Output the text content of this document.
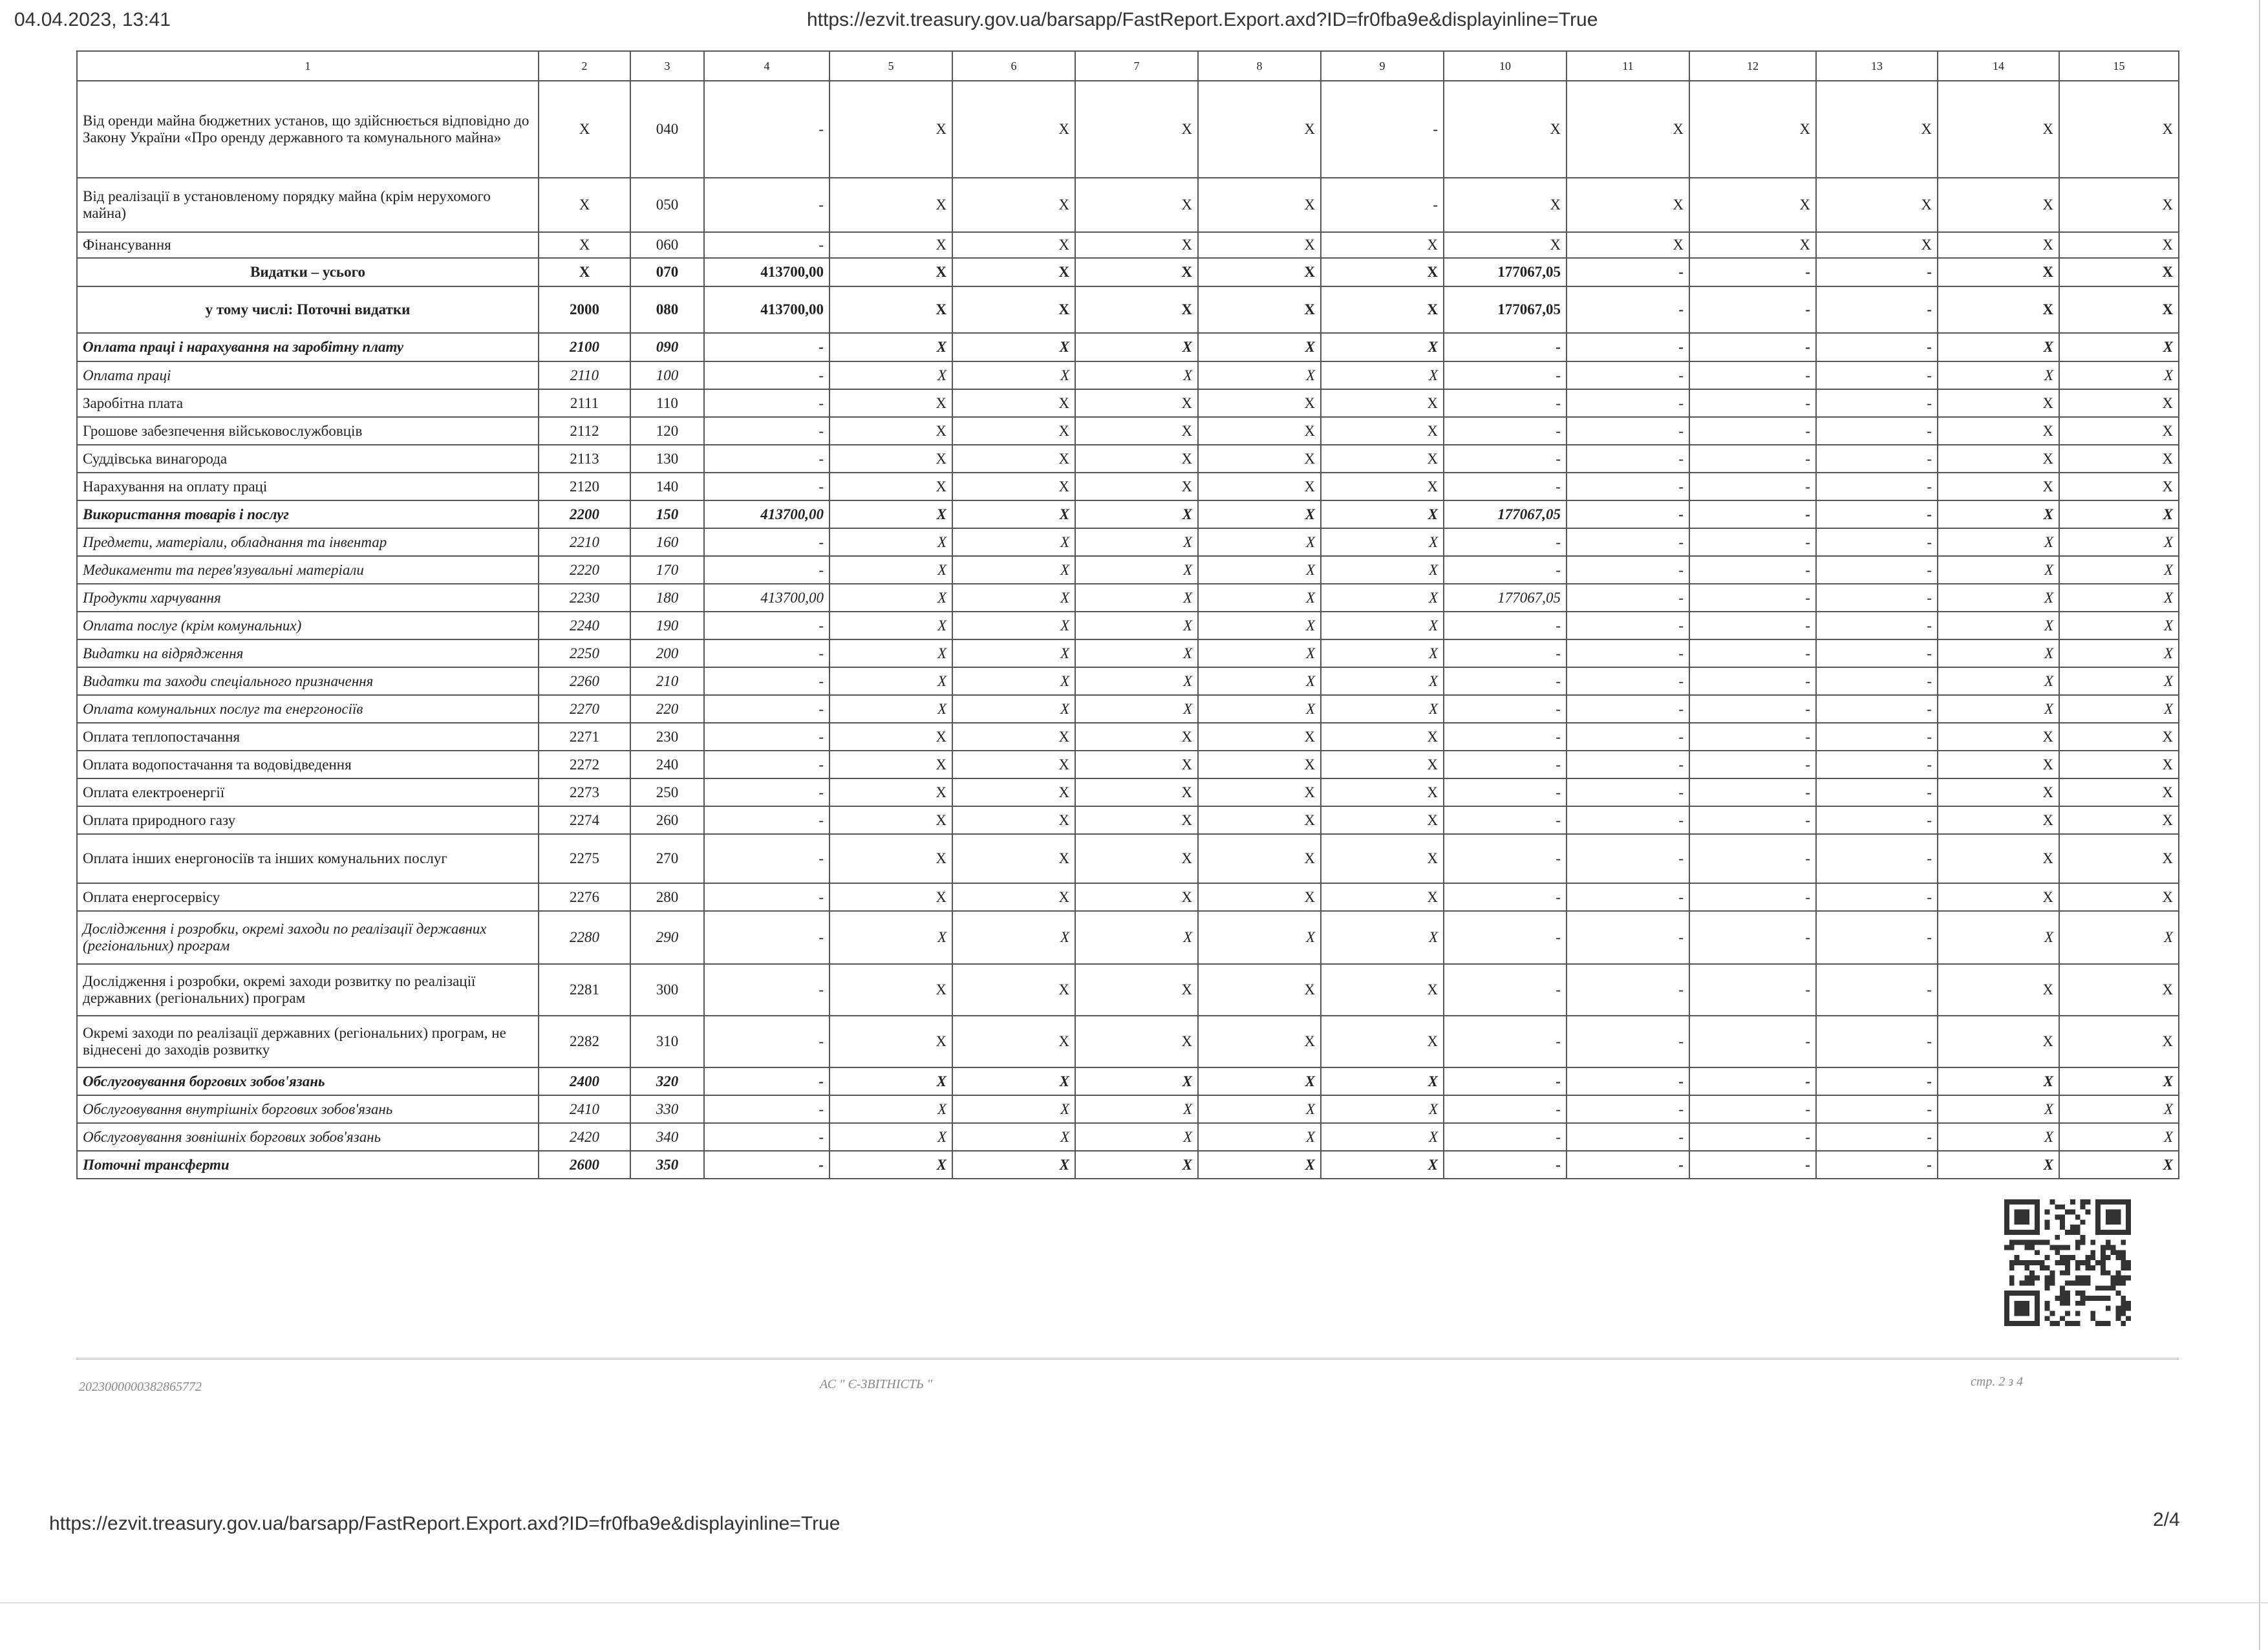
04.04.2023, 13:41	https://ezvit.treasury.gov.ua/barsapp/FastReport.Export.axd?ID=fr0fba9e&displayinline=True
1	2	3	4	5	6	7	8	9	10	11	12	13	14	15
Від оренди майна бюджетних установ, що здійснюється відповідно до Закону України «Про оренду державного та комунального майна»	X	040	-	X	X	X	X	-	X	X	X	X	X	X
Від реалізації в установленому порядку майна (крім нерухомого майна)	X	050	-	X	X	X	X	-	X	X	X	X	X	X
Фінансування	X	060	-	X	X	X	X	X	X	X	X	X	X	X
Видатки – усього	X	070	413700,00	X	X	X	X	X	177067,05	-	-	-	X	X
у тому числі: Поточні видатки	2000	080	413700,00	X	X	X	X	X	177067,05	-	-	-	X	X
Оплата праці і нарахування на заробітну плату	2100	090	-	X	X	X	X	X	-	-	-	-	X	X
Оплата праці	2110	100	-	X	X	X	X	X	-	-	-	-	X	X
Заробітна плата	2111	110	-	X	X	X	X	X	-	-	-	-	X	X
Грошове забезпечення військовослужбовців	2112	120	-	X	X	X	X	X	-	-	-	-	X	X
Суддівська винагорода	2113	130	-	X	X	X	X	X	-	-	-	-	X	X
Нарахування на оплату праці	2120	140	-	X	X	X	X	X	-	-	-	-	X	X
Використання товарів і послуг	2200	150	413700,00	X	X	X	X	X	177067,05	-	-	-	X	X
Предмети, матеріали, обладнання та інвентар	2210	160	-	X	X	X	X	X	-	-	-	-	X	X
Медикаменти та перев'язувальні матеріали	2220	170	-	X	X	X	X	X	-	-	-	-	X	X
Продукти харчування	2230	180	413700,00	X	X	X	X	X	177067,05	-	-	-	X	X
Оплата послуг (крім комунальних)	2240	190	-	X	X	X	X	X	-	-	-	-	X	X
Видатки на відрядження	2250	200	-	X	X	X	X	X	-	-	-	-	X	X
Видатки та заходи спеціального призначення	2260	210	-	X	X	X	X	X	-	-	-	-	X	X
Оплата комунальних послуг та енергоносіїв	2270	220	-	X	X	X	X	X	-	-	-	-	X	X
Оплата теплопостачання	2271	230	-	X	X	X	X	X	-	-	-	-	X	X
Оплата водопостачання та водовідведення	2272	240	-	X	X	X	X	X	-	-	-	-	X	X
Оплата електроенергії	2273	250	-	X	X	X	X	X	-	-	-	-	X	X
Оплата природного газу	2274	260	-	X	X	X	X	X	-	-	-	-	X	X
Оплата інших енергоносіїв та інших комунальних послуг	2275	270	-	X	X	X	X	X	-	-	-	-	X	X
Оплата енергосервісу	2276	280	-	X	X	X	X	X	-	-	-	-	X	X
Дослідження і розробки, окремі заходи по реалізації державних (регіональних) програм	2280	290	-	X	X	X	X	X	-	-	-	-	X	X
Дослідження і розробки, окремі заходи розвитку по реалізації державних (регіональних) програм	2281	300	-	X	X	X	X	X	-	-	-	-	X	X
Окремі заходи по реалізації державних (регіональних) програм, не віднесені до заходів розвитку	2282	310	-	X	X	X	X	X	-	-	-	-	X	X
Обслуговування боргових зобов'язань	2400	320	-	X	X	X	X	X	-	-	-	-	X	X
Обслуговування внутрішніх боргових зобов'язань	2410	330	-	X	X	X	X	X	-	-	-	-	X	X
Обслуговування зовнішніх боргових зобов'язань	2420	340	-	X	X	X	X	X	-	-	-	-	X	X
Поточні трансферти	2600	350	-	X	X	X	X	X	-	-	-	-	X	X
2023000000382865772	АС " Є-ЗВІТНІСТЬ "	стр. 2 з 4
https://ezvit.treasury.gov.ua/barsapp/FastReport.Export.axd?ID=fr0fba9e&displayinline=True	2/4
